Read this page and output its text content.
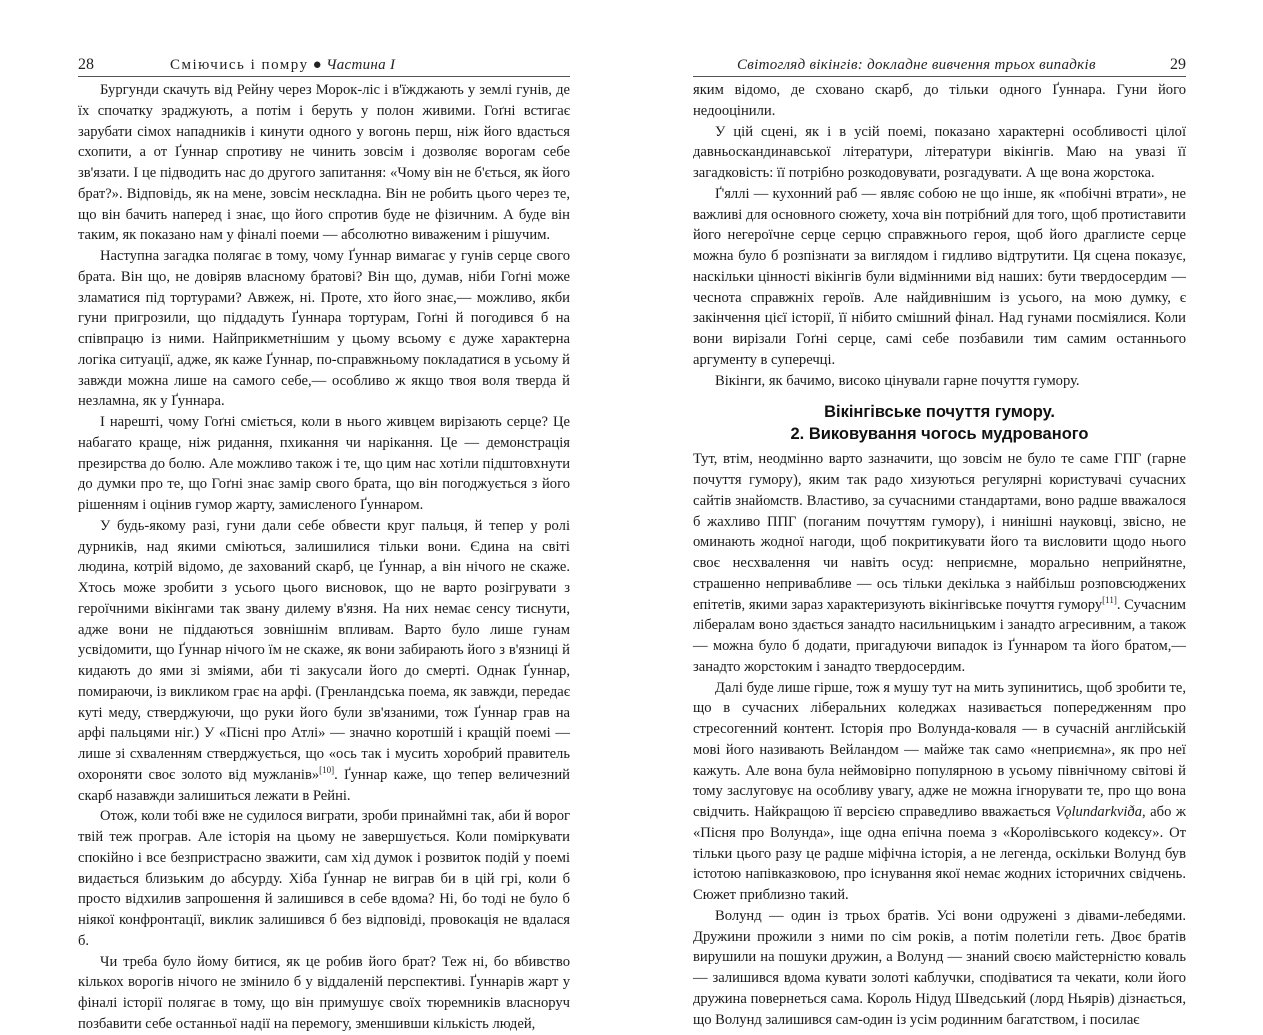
28	Смiючись i помру ● Частина I

Бургунди скачуть від Рейну через Морок-ліс і в'їжджають у землі гунів, де їх спочатку зраджують, а потім і беруть у полон живими. Гоґні встигає зарубати сімох нападників і кинути одного у вогонь перш, ніж його вдасться схопити, а от Ґуннар спротиву не чинить зовсім і дозволяє ворогам себе зв'язати. І це підводить нас до другого запитання: «Чому він не б'ється, як його брат?». Відповідь, як на мене, зовсім нескладна. Він не робить цього через те, що він бачить наперед і знає, що його спротив буде не фізичним. А буде він таким, як показано нам у фіналі поеми — абсолютно виваженим і рішучим.

Наступна загадка полягає в тому, чому Ґуннар вимагає у гунів серце свого брата. Він що, не довіряв власному братові? Він що, думав, ніби Гоґні може зламатися під тортурами? Авжеж, ні. Проте, хто його знає,— можливо, якби гуни пригрозили, що піддадуть Ґуннара тортурам, Гоґні й погодився б на співпрацю із ними. Найприкметнішим у цьому всьому є дуже характерна логіка ситуації, адже, як каже Ґуннар, по-справжньому покладатися в усьому й завжди можна лише на самого себе,— особливо ж якщо твоя воля тверда й незламна, як у Ґуннара.

І нарешті, чому Гоґні сміється, коли в нього живцем вирізають серце? Це набагато краще, ніж ридання, пхикання чи нарікання. Це — демонстрація презирства до болю. Але можливо також і те, що цим нас хотіли підштовхнути до думки про те, що Гоґні знає замір свого брата, що він погоджується з його рішенням і оцінив гумор жарту, замисленого Ґуннаром.

У будь-якому разі, гуни дали себе обвести круг пальця, й тепер у ролі дурників, над якими сміються, залишилися тільки вони. Єдина на світі людина, котрій відомо, де захований скарб, це Ґуннар, а він нічого не скаже. Хтось може зробити з усього цього висновок, що не варто розігрувати з героїчними вікінгами так звану дилему в'язня. На них немає сенсу тиснути, адже вони не піддаються зовнішнім впливам. Варто було лише гунам усвідомити, що Ґуннар нічого їм не скаже, як вони забирають його з в'язниці й кидають до ями зі зміями, аби ті закусали його до смерті. Однак Ґуннар, помираючи, із викликом грає на арфі. (Гренландська поема, як завжди, передає куті меду, стверджуючи, що руки його були зв'язаними, тож Ґуннар грав на арфі пальцями ніг.) У «Пісні про Атлі» — значно коротшій і кращій поемі — лише зі схваленням стверджується, що «ось так і мусить хоробрий правитель охороняти своє золото від мужланів»[10]. Ґуннар каже, що тепер величезний скарб назавжди залишиться лежати в Рейні.

Отож, коли тобі вже не судилося виграти, зроби принаймні так, аби й ворог твій теж програв. Але історія на цьому не завершується. Коли поміркувати спокійно і все безпристрасно зважити, сам хід думок і розвиток подій у поемі видається близьким до абсурду. Хіба Ґуннар не виграв би в цій грі, коли б просто відхилив запрошення й залишився в себе вдома? Ні, бо тоді не було б ніякої конфронтації, виклик залишився б без відповіді, провокація не вдалася б.

Чи треба було йому битися, як це робив його брат? Теж ні, бо вбивство кількох ворогів нічого не змінило б у віддаленій перспективі. Ґуннарів жарт у фіналі історії полягає в тому, що він примушує своїх тюремників власноруч позбавити себе останньої надії на перемогу, зменшивши кількість людей,

Світогляд вікінгів: докладне вивчення трьох випадків	29

яким відомо, де сховано скарб, до тільки одного Ґуннара. Гуни його недооцінили.

У цій сцені, як і в усій поемі, показано характерні особливості цілої давньоскандинавської літератури, літератури вікінгів. Маю на увазі її загадковість: її потрібно розкодовувати, розгадувати. А ще вона жорстока.

Ґ'яллі — кухонний раб — являє собою не що інше, як «побічні втрати», не важливі для основного сюжету, хоча він потрібний для того, щоб протиставити його негероїчне серце серцю справжнього героя, щоб його драглисте серце можна було б розпізнати за виглядом і гидливо відтрутити. Ця сцена показує, наскільки цінності вікінгів були відмінними від наших: бути твердосердим — чеснота справжніх героїв. Але найдивнішим із усього, на мою думку, є закінчення цієї історії, її нібито смішний фінал. Над гунами посміялися. Коли вони вирізали Гоґні серце, самі себе позбавили тим самим останнього аргументу в суперечці.

Вікінги, як бачимо, високо цінували гарне почуття гумору.

Вікінгівське почуття гумору.
2. Виковування чогось мудрованого

Тут, втім, неодмінно варто зазначити, що зовсім не було те саме ГПГ (гарне почуття гумору), яким так радо хизуються регулярні користувачі сучасних сайтів знайомств. Властиво, за сучасними стандартами, воно радше вважалося б жахливо ППГ (поганим почуттям гумору), і нинішні науковці, звісно, не оминають жодної нагоди, щоб покритикувати його та висловити щодо нього своє несхвалення чи навіть осуд: неприємне, морально неприйнятне, страшенно непривабливе — ось тільки декілька з найбільш розповсюджених епітетів, якими зараз характеризують вікінгівське почуття гумору[11]. Сучасним лібералам воно здається занадто насильницьким і занадто агресивним, а також — можна було б додати, пригадуючи випадок із Ґуннаром та його братом,— занадто жорстоким і занадто твердосердим.

Далі буде лише гірше, тож я мушу тут на мить зупинитись, щоб зробити те, що в сучасних ліберальних коледжах називається попередженням про стресогенний контент. Історія про Волунда-коваля — в сучасній англійській мові його називають Вейландом — майже так само «неприємна», як про неї кажуть. Але вона була неймовірно популярною в усьому північному світові й тому заслуговує на особливу увагу, адже не можна ігнорувати те, про що вона свідчить. Найкращою її версією справедливо вважається Vǫlundarkviða, або ж «Пісня про Волунда», іще одна епічна поема з «Королівського кодексу». От тільки цього разу це радше міфічна історія, а не легенда, оскільки Волунд був істотою напівказковою, про існування якої немає жодних історичних свідчень. Сюжет приблизно такий.

Волунд — один із трьох братів. Усі вони одружені з дівами-лебедями. Дружини прожили з ними по сім років, а потім полетіли геть. Двоє братів вирушили на пошуки дружин, а Волунд — знаний своєю майстерністю коваль — залишився вдома кувати золоті каблучки, сподіватися та чекати, коли його дружина повернеться сама. Король Нідуд Шведський (лорд Ньярів) дізнається, що Волунд залишився сам-один із усім родинним багатством, і посилає
